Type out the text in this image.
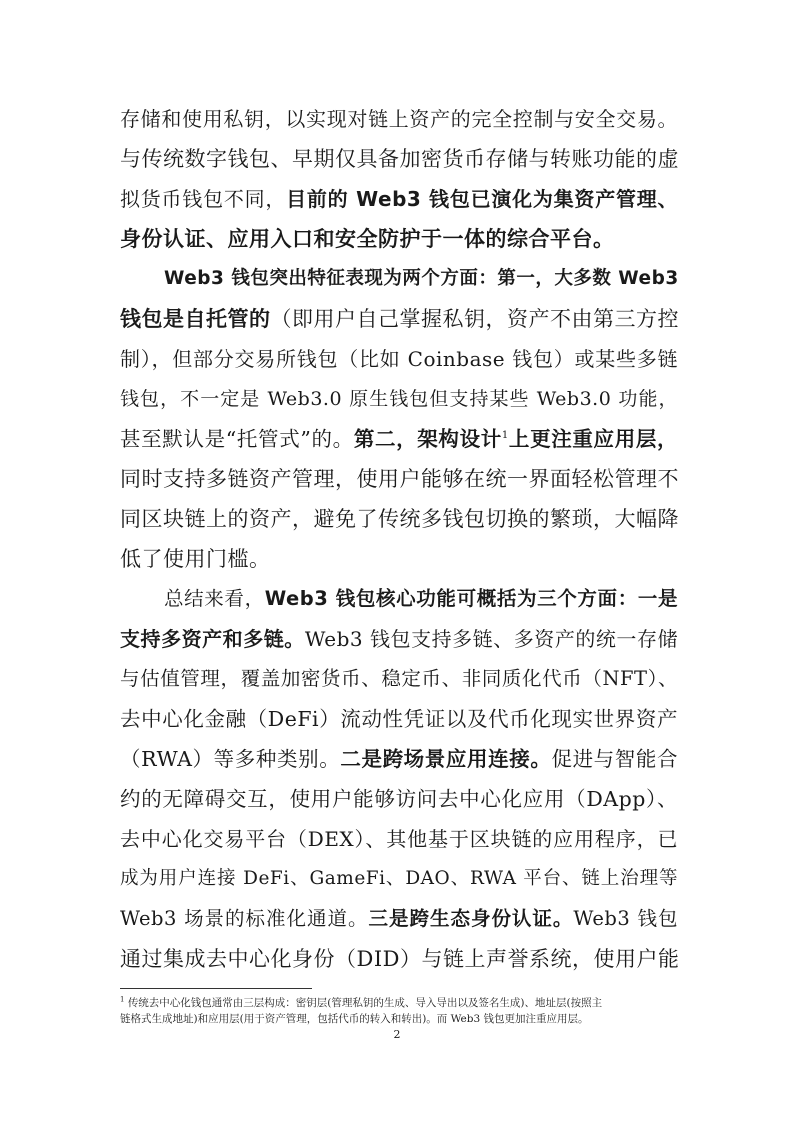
存储和使用私钥，以实现对链上资产的完全控制与安全交易。
与传统数字钱包、早期仅具备加密货币存储与转账功能的虚
拟货币钱包不同，目前的 Web3 钱包已演化为集资产管理、
身份认证、应用入口和安全防护于一体的综合平台。
Web3 钱包突出特征表现为两个方面：第一，大多数 Web3
钱包是自托管的（即用户自己掌握私钥，资产不由第三方控
制），但部分交易所钱包（比如 Coinbase 钱包）或某些多链
钱包，不一定是 Web3.0 原生钱包但支持某些 Web3.0 功能，
甚至默认是“托管式”的。第二，架构设计$^1$上更注重应用层，
同时支持多链资产管理，使用户能够在统一界面轻松管理不
同区块链上的资产，避免了传统多钱包切换的繁琐，大幅降
低了使用门槛。
总结来看，Web3 钱包核心功能可概括为三个方面：一是
支持多资产和多链。Web3 钱包支持多链、多资产的统一存储
与估值管理，覆盖加密货币、稳定币、非同质化代币（NFT）、
去中心化金融（DeFi）流动性凭证以及代币化现实世界资产
（RWA）等多种类别。二是跨场景应用连接。促进与智能合
约的无障碍交互，使用户能够访问去中心化应用（DApp）、
去中心化交易平台（DEX）、其他基于区块链的应用程序，已
成为用户连接 DeFi、GameFi、DAO、RWA 平台、链上治理等
Web3 场景的标准化通道。三是跨生态身份认证。Web3 钱包
通过集成去中心化身份（DID）与链上声誉系统，使用户能
$^1$ 传统去中心化钱包通常由三层构成：密钥层(管理私钥的生成、导入导出以及签名生成)、地址层(按照主
链格式生成地址)和应用层(用于资产管理，包括代币的转入和转出)。而 Web3 钱包更加注重应用层。
2
